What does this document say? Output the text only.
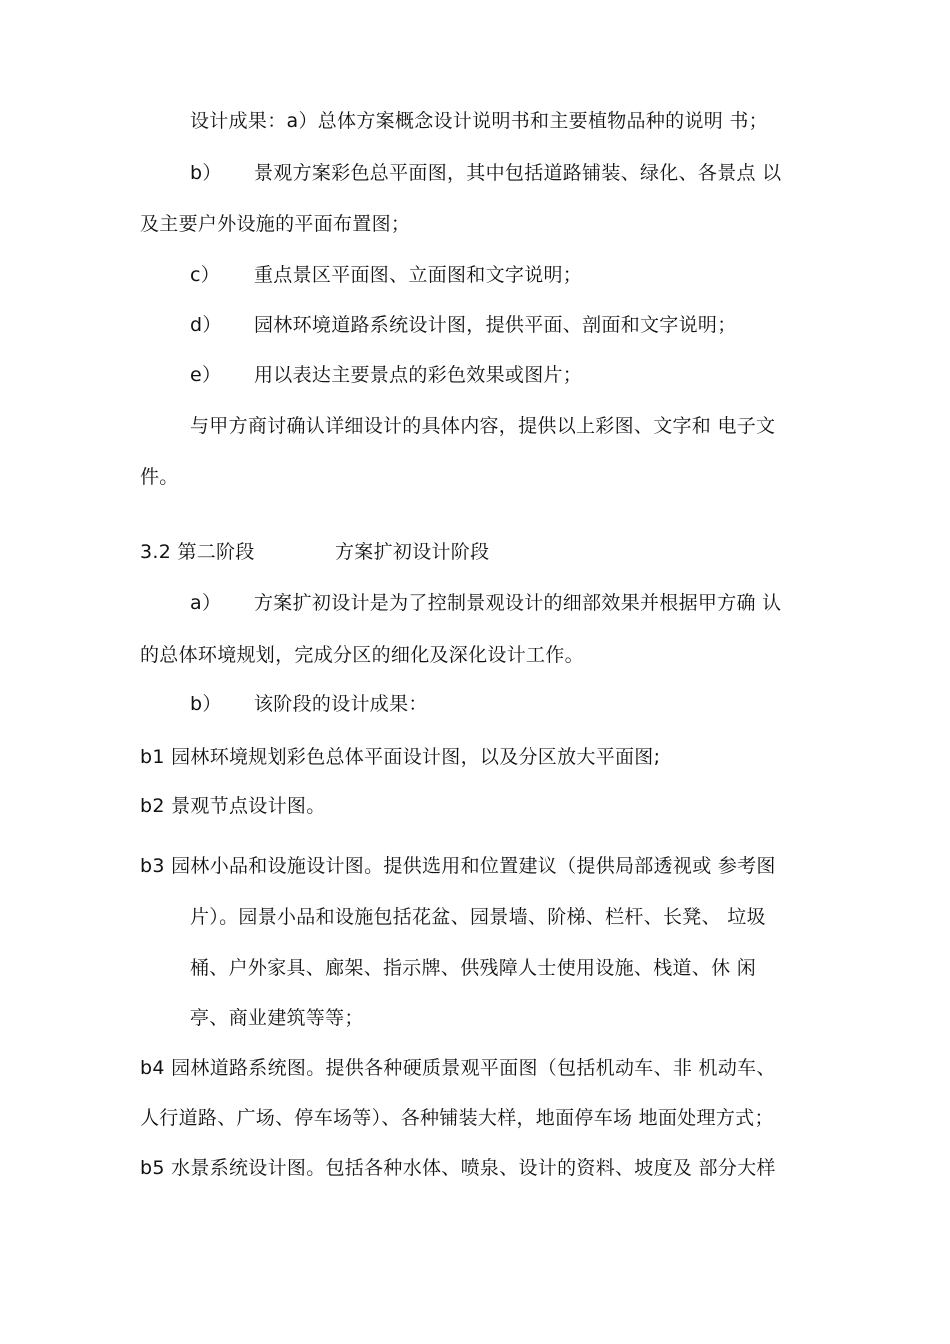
设计成果：a）总体方案概念设计说明书和主要植物品种的说明 书；
b） 景观方案彩色总平面图，其中包括道路铺装、绿化、各景点 以
及主要户外设施的平面布置图；
c） 重点景区平面图、立面图和文字说明；
d） 园林环境道路系统设计图，提供平面、剖面和文字说明；
e） 用以表达主要景点的彩色效果或图片；
与甲方商讨确认详细设计的具体内容，提供以上彩图、文字和 电子文
件。
3.2 第二阶段	方案扩初设计阶段
a） 方案扩初设计是为了控制景观设计的细部效果并根据甲方确 认
的总体环境规划，完成分区的细化及深化设计工作。
b） 该阶段的设计成果：
b1 园林环境规划彩色总体平面设计图，以及分区放大平面图;
b2 景观节点设计图。
b3 园林小品和设施设计图。提供选用和位置建议（提供局部透视或 参考图
片）。园景小品和设施包括花盆、园景墙、阶梯、栏杆、长凳、 垃圾
桶、户外家具、廊架、指示牌、供残障人士使用设施、栈道、休 闲
亭、商业建筑等等；
b4 园林道路系统图。提供各种硬质景观平面图（包括机动车、非 机动车、
人行道路、广场、停车场等）、各种铺装大样，地面停车场 地面处理方式；
b5 水景系统设计图。包括各种水体、喷泉、设计的资料、坡度及 部分大样
